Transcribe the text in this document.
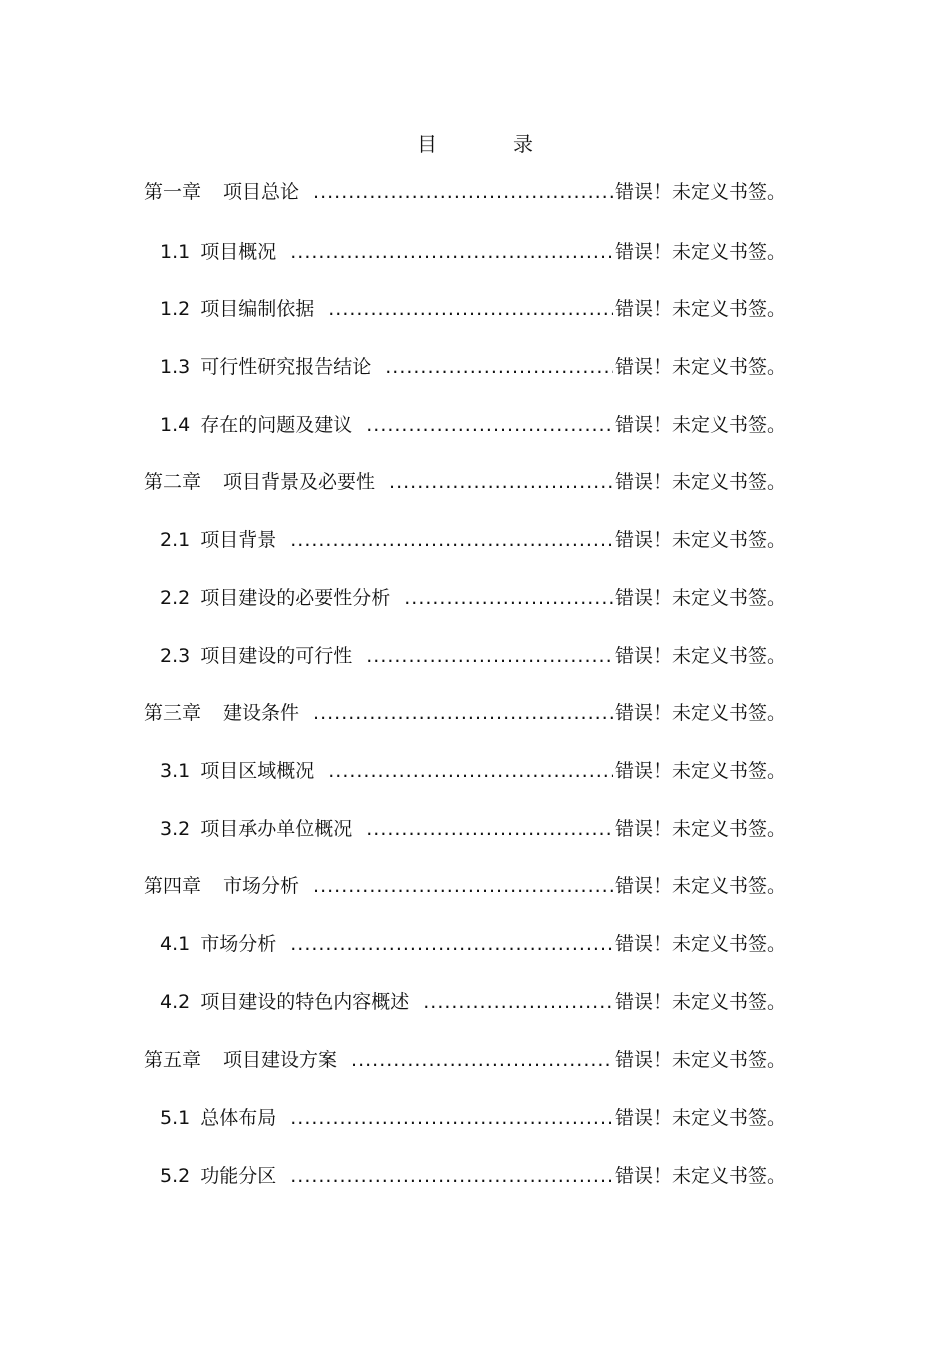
目　录
第一章 项目总论 .....	错误！未定义书签。
1.1 项目概况 .....	错误！未定义书签。
1.2 项目编制依据 .....	错误！未定义书签。
1.3 可行性研究报告结论 .....	错误！未定义书签。
1.4 存在的问题及建议 .....	错误！未定义书签。
第二章 项目背景及必要性 .....	错误！未定义书签。
2.1 项目背景 .....	错误！未定义书签。
2.2 项目建设的必要性分析 .....	错误！未定义书签。
2.3 项目建设的可行性 .....	错误！未定义书签。
第三章 建设条件 .....	错误！未定义书签。
3.1 项目区域概况 .....	错误！未定义书签。
3.2 项目承办单位概况 .....	错误！未定义书签。
第四章 市场分析 .....	错误！未定义书签。
4.1 市场分析 .....	错误！未定义书签。
4.2 项目建设的特色内容概述 .....	错误！未定义书签。
第五章 项目建设方案 .....	错误！未定义书签。
5.1 总体布局 .....	错误！未定义书签。
5.2 功能分区 .....	错误！未定义书签。
